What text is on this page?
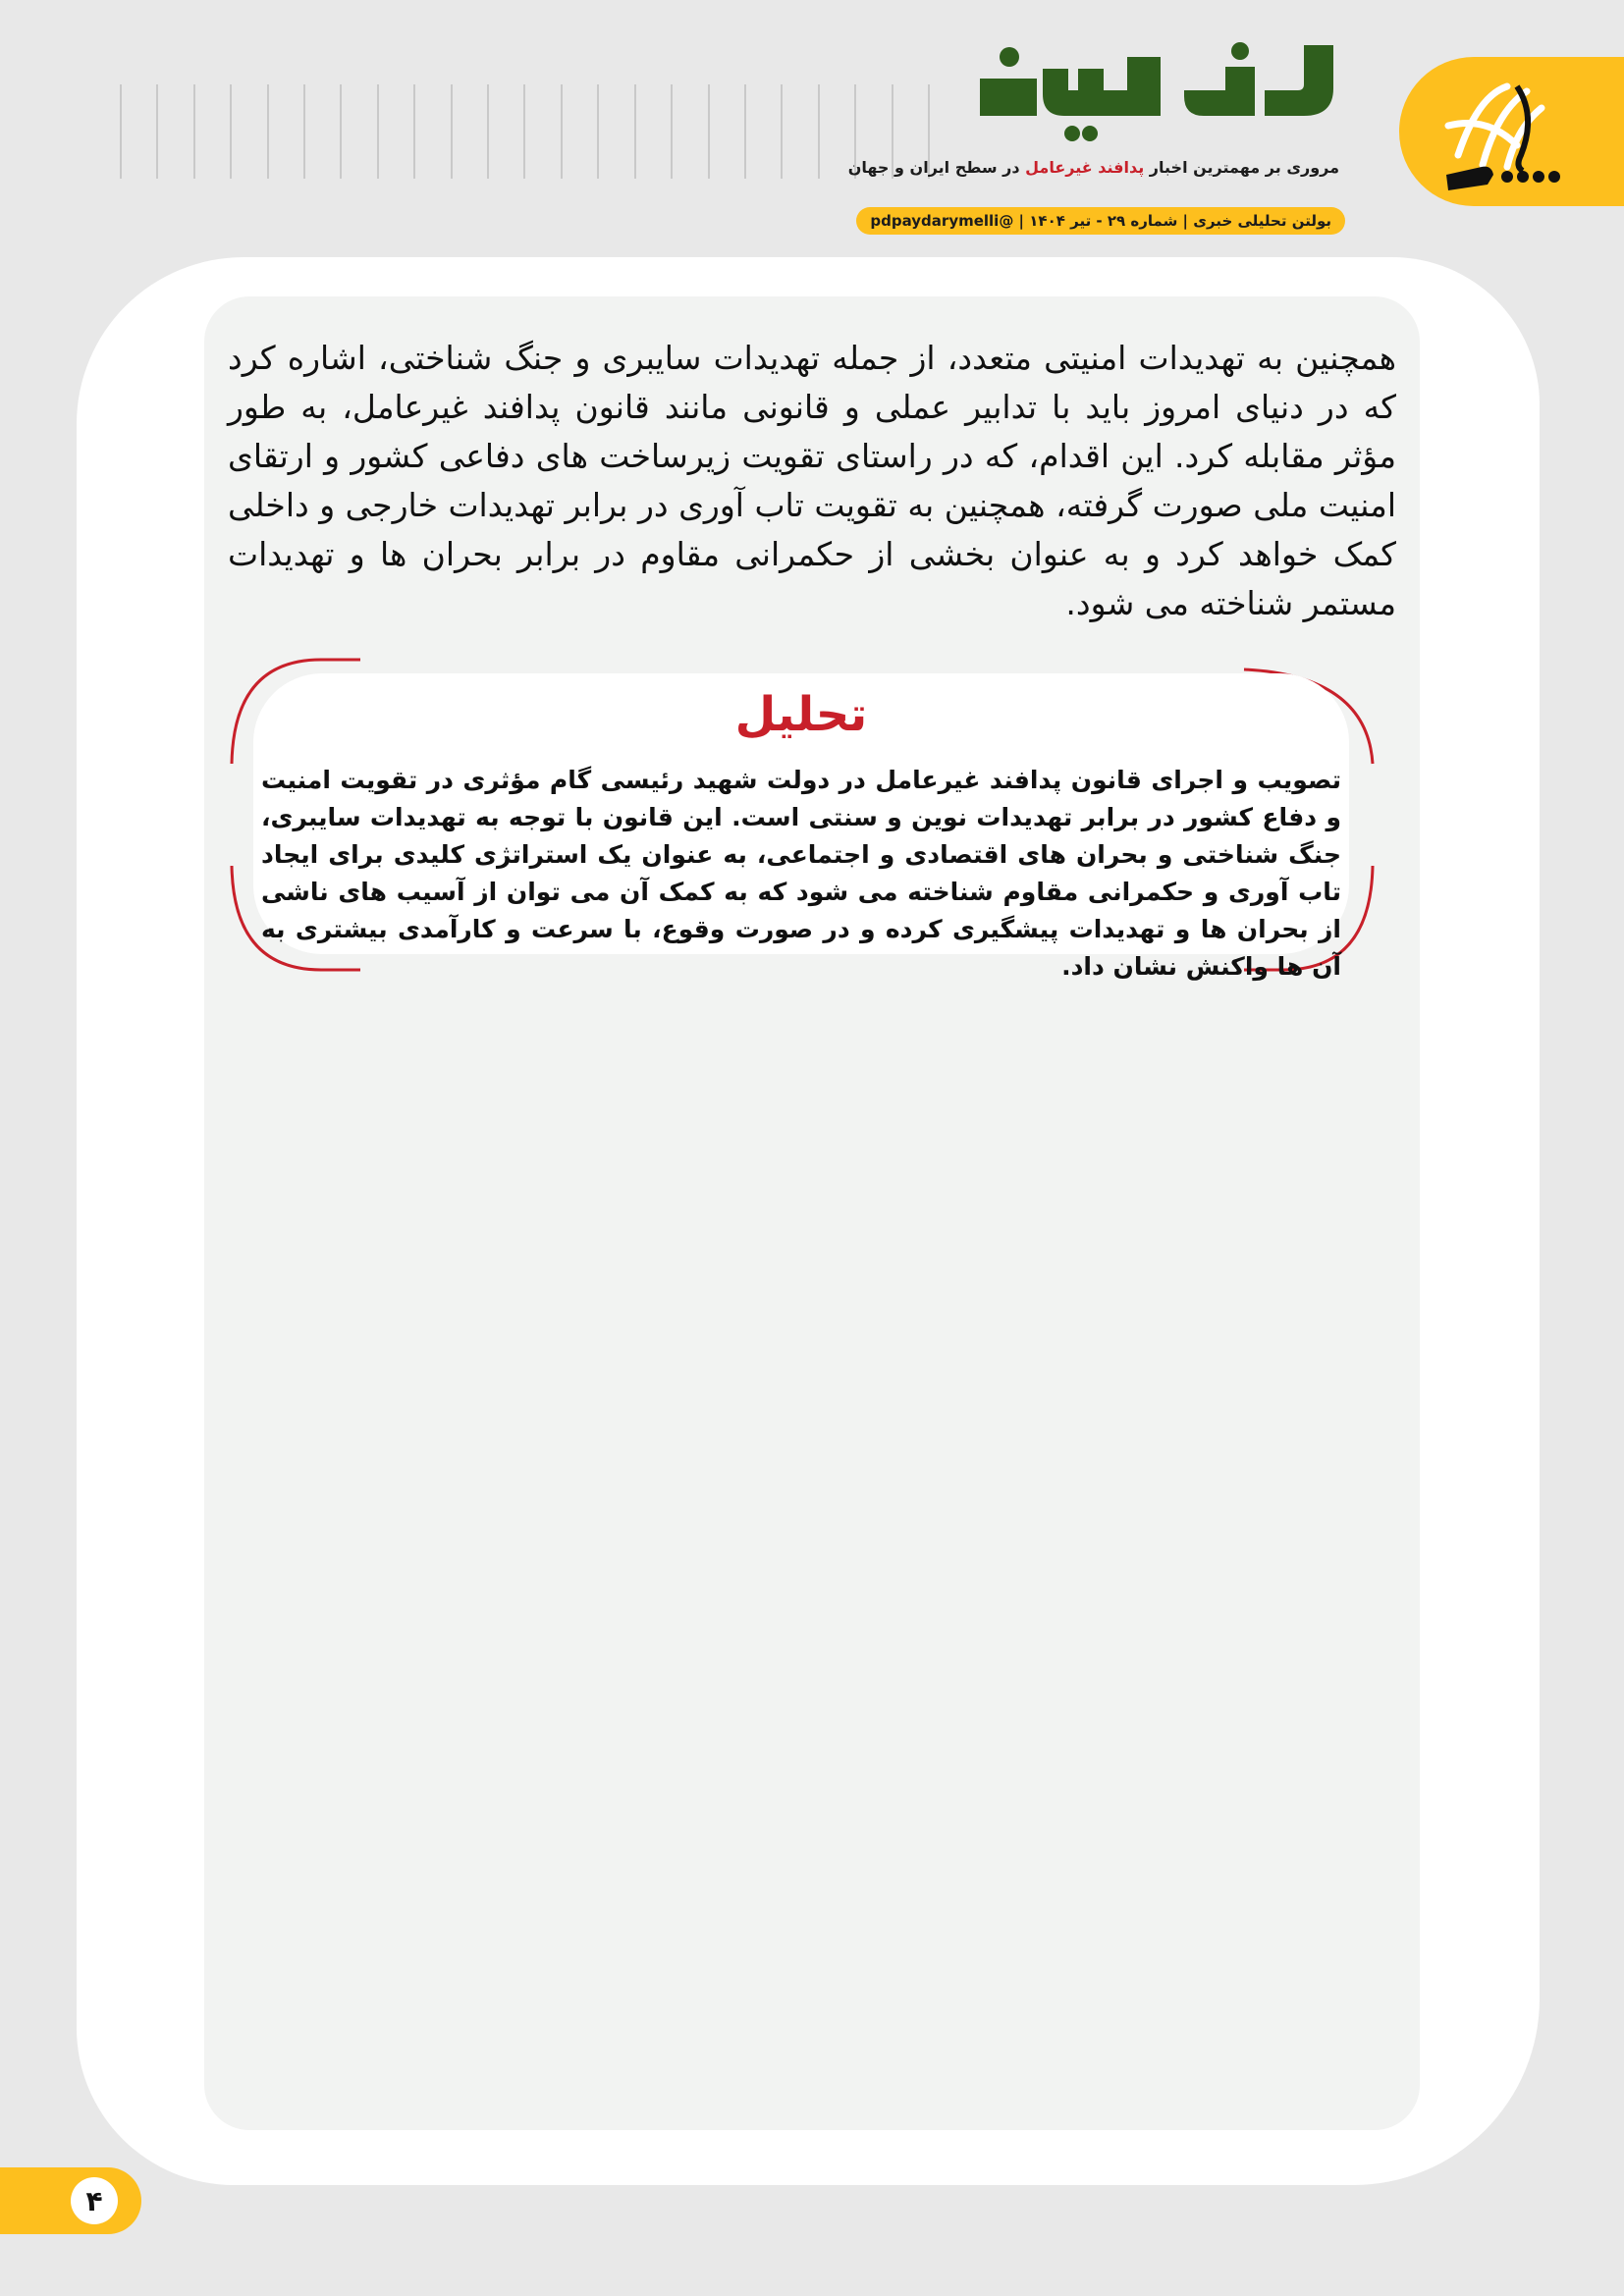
مروری بر مهمترین اخبار پدافند غیرعامل در سطح ایران و جهان
بولتن تحلیلی خبری | شماره ۲۹ - تیر ۱۴۰۴ | @pdpaydarymelli

همچنین به تهدیدات امنیتی متعدد، از جمله تهدیدات سایبری و جنگ شناختی، اشاره کرد که در دنیای امروز باید با تدابیر عملی و قانونی مانند قانون پدافند غیرعامل، به طور مؤثر مقابله کرد. این اقدام، که در راستای تقویت زیرساخت های دفاعی کشور و ارتقای امنیت ملی صورت گرفته، همچنین به تقویت تاب آوری در برابر تهدیدات خارجی و داخلی کمک خواهد کرد و به عنوان بخشی از حکمرانی مقاوم در برابر بحران ها و تهدیدات مستمر شناخته می شود.

تحلیل

تصویب و اجرای قانون پدافند غیرعامل در دولت شهید رئیسی گام مؤثری در تقویت امنیت و دفاع کشور در برابر تهدیدات نوین و سنتی است. این قانون با توجه به تهدیدات سایبری، جنگ شناختی و بحران های اقتصادی و اجتماعی، به عنوان یک استراتژی کلیدی برای ایجاد تاب آوری و حکمرانی مقاوم شناخته می شود که به کمک آن می توان از آسیب های ناشی از بحران ها و تهدیدات پیشگیری کرده و در صورت وقوع، با سرعت و کارآمدی بیشتری به آن ها واکنش نشان داد.

۴
